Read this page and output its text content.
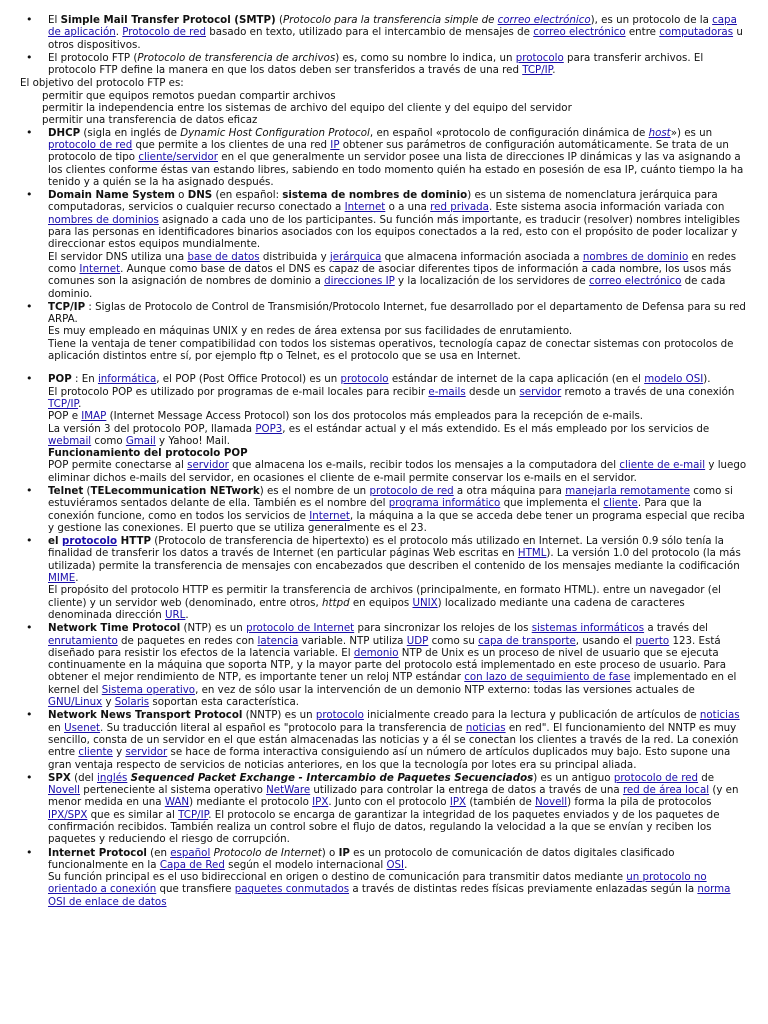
• El Simple Mail Transfer Protocol (SMTP) (Protocolo para la transferencia simple de correo electrónico), es un protocolo de la capa de aplicación. Protocolo de red basado en texto, utilizado para el intercambio de mensajes de correo electrónico entre computadoras u otros dispositivos.
• El protocolo FTP (Protocolo de transferencia de archivos) es, como su nombre lo indica, un protocolo para transferir archivos. El protocolo FTP define la manera en que los datos deben ser transferidos a través de una red TCP/IP.
El objetivo del protocolo FTP es:
permitir que equipos remotos puedan compartir archivos
permitir la independencia entre los sistemas de archivo del equipo del cliente y del equipo del servidor
permitir una transferencia de datos eficaz
• DHCP (sigla en inglés de Dynamic Host Configuration Protocol, en español «protocolo de configuración dinámica de host») es un protocolo de red que permite a los clientes de una red IP obtener sus parámetros de configuración automáticamente. Se trata de un protocolo de tipo cliente/servidor en el que generalmente un servidor posee una lista de direcciones IP dinámicas y las va asignando a los clientes conforme éstas van estando libres, sabiendo en todo momento quién ha estado en posesión de esa IP, cuánto tiempo la ha tenido y a quién se la ha asignado después.
• Domain Name System o DNS (en español: sistema de nombres de dominio) es un sistema de nomenclatura jerárquica para computadoras, servicios o cualquier recurso conectado a Internet o a una red privada. Este sistema asocia información variada con nombres de dominios asignado a cada uno de los participantes. Su función más importante, es traducir (resolver) nombres inteligibles para las personas en identificadores binarios asociados con los equipos conectados a la red, esto con el propósito de poder localizar y direccionar estos equipos mundialmente.
El servidor DNS utiliza una base de datos distribuida y jerárquica que almacena información asociada a nombres de dominio en redes como Internet. Aunque como base de datos el DNS es capaz de asociar diferentes tipos de información a cada nombre, los usos más comunes son la asignación de nombres de dominio a direcciones IP y la localización de los servidores de correo electrónico de cada dominio.
• TCP/IP : Siglas de Protocolo de Control de Transmisión/Protocolo Internet, fue desarrollado por el departamento de Defensa para su red ARPA.
Es muy empleado en máquinas UNIX y en redes de área extensa por sus facilidades de enrutamiento.
Tiene la ventaja de tener compatibilidad con todos los sistemas operativos, tecnología capaz de conectar sistemas con protocolos de aplicación distintos entre sí, por ejemplo ftp o Telnet, es el protocolo que se usa en Internet.
• POP : En informática, el POP (Post Office Protocol) es un protocolo estándar de internet de la capa aplicación (en el modelo OSI).
El protocolo POP es utilizado por programas de e-mail locales para recibir e-mails desde un servidor remoto a través de una conexión TCP/IP.
POP e IMAP (Internet Message Access Protocol) son los dos protocolos más empleados para la recepción de e-mails.
La versión 3 del protocolo POP, llamada POP3, es el estándar actual y el más extendido. Es el más empleado por los servicios de webmail como Gmail y Yahoo! Mail.
Funcionamiento del protocolo POP
POP permite conectarse al servidor que almacena los e-mails, recibir todos los mensajes a la computadora del cliente de e-mail y luego eliminar dichos e-mails del servidor, en ocasiones el cliente de e-mail permite conservar los e-mails en el servidor.
• Telnet (TELecommunication NETwork) es el nombre de un protocolo de red a otra máquina para manejarla remotamente como si estuviéramos sentados delante de ella. También es el nombre del programa informático que implementa el cliente. Para que la conexión funcione, como en todos los servicios de Internet, la máquina a la que se acceda debe tener un programa especial que reciba y gestione las conexiones. El puerto que se utiliza generalmente es el 23.
• el protocolo HTTP (Protocolo de transferencia de hipertexto) es el protocolo más utilizado en Internet. La versión 0.9 sólo tenía la finalidad de transferir los datos a través de Internet (en particular páginas Web escritas en HTML). La versión 1.0 del protocolo (la más utilizada) permite la transferencia de mensajes con encabezados que describen el contenido de los mensajes mediante la codificación MIME.
El propósito del protocolo HTTP es permitir la transferencia de archivos (principalmente, en formato HTML). entre un navegador (el cliente) y un servidor web (denominado, entre otros, httpd en equipos UNIX) localizado mediante una cadena de caracteres denominada dirección URL.
• Network Time Protocol (NTP) es un protocolo de Internet para sincronizar los relojes de los sistemas informáticos a través del enrutamiento de paquetes en redes con latencia variable. NTP utiliza UDP como su capa de transporte, usando el puerto 123. Está diseñado para resistir los efectos de la latencia variable. El demonio NTP de Unix es un proceso de nivel de usuario que se ejecuta continuamente en la máquina que soporta NTP, y la mayor parte del protocolo está implementado en este proceso de usuario. Para obtener el mejor rendimiento de NTP, es importante tener un reloj NTP estándar con lazo de seguimiento de fase implementado en el kernel del Sistema operativo, en vez de sólo usar la intervención de un demonio NTP externo: todas las versiones actuales de GNU/Linux y Solaris soportan esta característica.
• Network News Transport Protocol (NNTP) es un protocolo inicialmente creado para la lectura y publicación de artículos de noticias en Usenet. Su traducción literal al español es "protocolo para la transferencia de noticias en red". El funcionamiento del NNTP es muy sencillo, consta de un servidor en el que están almacenadas las noticias y a él se conectan los clientes a través de la red. La conexión entre cliente y servidor se hace de forma interactiva consiguiendo así un número de artículos duplicados muy bajo. Esto supone una gran ventaja respecto de servicios de noticias anteriores, en los que la tecnología por lotes era su principal aliada.
• SPX (del inglés Sequenced Packet Exchange - Intercambio de Paquetes Secuenciados) es un antiguo protocolo de red de Novell perteneciente al sistema operativo NetWare utilizado para controlar la entrega de datos a través de una red de área local (y en menor medida en una WAN) mediante el protocolo IPX. Junto con el protocolo IPX (también de Novell) forma la pila de protocolos IPX/SPX que es similar al TCP/IP. El protocolo se encarga de garantizar la integridad de los paquetes enviados y de los paquetes de confirmación recibidos. También realiza un control sobre el flujo de datos, regulando la velocidad a la que se envían y reciben los paquetes y reduciendo el riesgo de corrupción.
• Internet Protocol (en español Protocolo de Internet) o IP es un protocolo de comunicación de datos digitales clasificado funcionalmente en la Capa de Red según el modelo internacional OSI.
Su función principal es el uso bidireccional en origen o destino de comunicación para transmitir datos mediante un protocolo no orientado a conexión que transfiere paquetes conmutados a través de distintas redes físicas previamente enlazadas según la norma OSI de enlace de datos
